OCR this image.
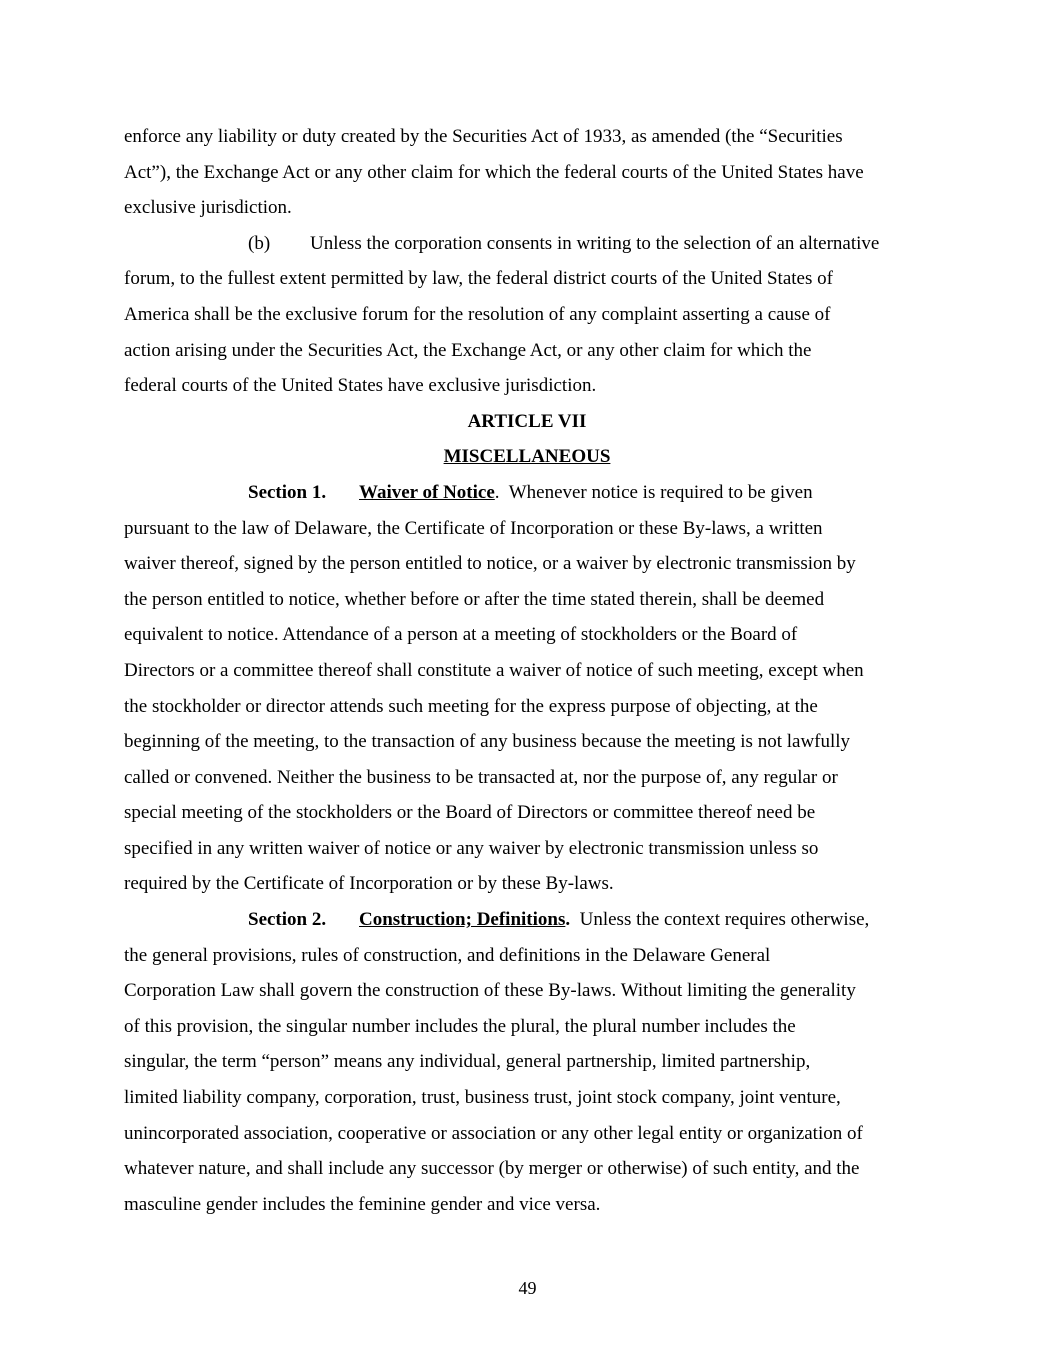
enforce any liability or duty created by the Securities Act of 1933, as amended (the “Securities
Act”), the Exchange Act or any other claim for which the federal courts of the United States have
exclusive jurisdiction.

(b) Unless the corporation consents in writing to the selection of an alternative
forum, to the fullest extent permitted by law, the federal district courts of the United States of
America shall be the exclusive forum for the resolution of any complaint asserting a cause of
action arising under the Securities Act, the Exchange Act, or any other claim for which the
federal courts of the United States have exclusive jurisdiction.

ARTICLE VII

MISCELLANEOUS

Section 1. Waiver of Notice. Whenever notice is required to be given
pursuant to the law of Delaware, the Certificate of Incorporation or these By-laws, a written
waiver thereof, signed by the person entitled to notice, or a waiver by electronic transmission by
the person entitled to notice, whether before or after the time stated therein, shall be deemed
equivalent to notice. Attendance of a person at a meeting of stockholders or the Board of
Directors or a committee thereof shall constitute a waiver of notice of such meeting, except when
the stockholder or director attends such meeting for the express purpose of objecting, at the
beginning of the meeting, to the transaction of any business because the meeting is not lawfully
called or convened. Neither the business to be transacted at, nor the purpose of, any regular or
special meeting of the stockholders or the Board of Directors or committee thereof need be
specified in any written waiver of notice or any waiver by electronic transmission unless so
required by the Certificate of Incorporation or by these By-laws.

Section 2. Construction; Definitions. Unless the context requires otherwise,
the general provisions, rules of construction, and definitions in the Delaware General
Corporation Law shall govern the construction of these By-laws. Without limiting the generality
of this provision, the singular number includes the plural, the plural number includes the
singular, the term “person” means any individual, general partnership, limited partnership,
limited liability company, corporation, trust, business trust, joint stock company, joint venture,
unincorporated association, cooperative or association or any other legal entity or organization of
whatever nature, and shall include any successor (by merger or otherwise) of such entity, and the
masculine gender includes the feminine gender and vice versa.

49
